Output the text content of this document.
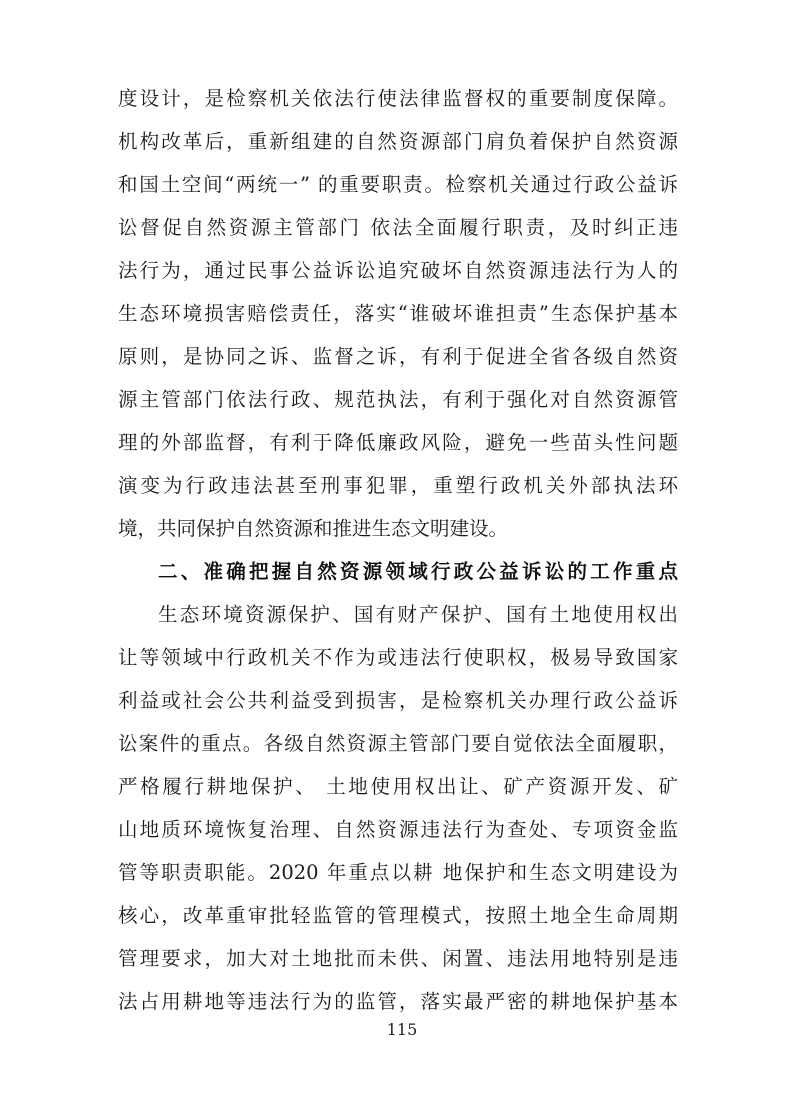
度设计，是检察机关依法行使法律监督权的重要制度保障。
机构改革后，重新组建的自然资源部门肩负着保护自然资源
和国土空间“两统一” 的重要职责。检察机关通过行政公益诉
讼督促自然资源主管部门 依法全面履行职责，及时纠正违
法行为，通过民事公益诉讼追究破坏自然资源违法行为人的
生态环境损害赔偿责任，落实“谁破坏谁担责”生态保护基本
原则，是协同之诉、监督之诉，有利于促进全省各级自然资
源主管部门依法行政、规范执法，有利于强化对自然资源管
理的外部监督，有利于降低廉政风险，避免一些苗头性问题
演变为行政违法甚至刑事犯罪，重塑行政机关外部执法环
境，共同保护自然资源和推进生态文明建设。
二、准确把握自然资源领域行政公益诉讼的工作重点
生态环境资源保护、国有财产保护、国有土地使用权出
让等领域中行政机关不作为或违法行使职权，极易导致国家
利益或社会公共利益受到损害，是检察机关办理行政公益诉
讼案件的重点。各级自然资源主管部门要自觉依法全面履职，
严格履行耕地保护、 土地使用权出让、矿产资源开发、矿
山地质环境恢复治理、自然资源违法行为查处、专项资金监
管等职责职能。2020 年重点以耕 地保护和生态文明建设为
核心，改革重审批轻监管的管理模式，按照土地全生命周期
管理要求，加大对土地批而未供、闲置、违法用地特别是违
法占用耕地等违法行为的监管，落实最严密的耕地保护基本
115
